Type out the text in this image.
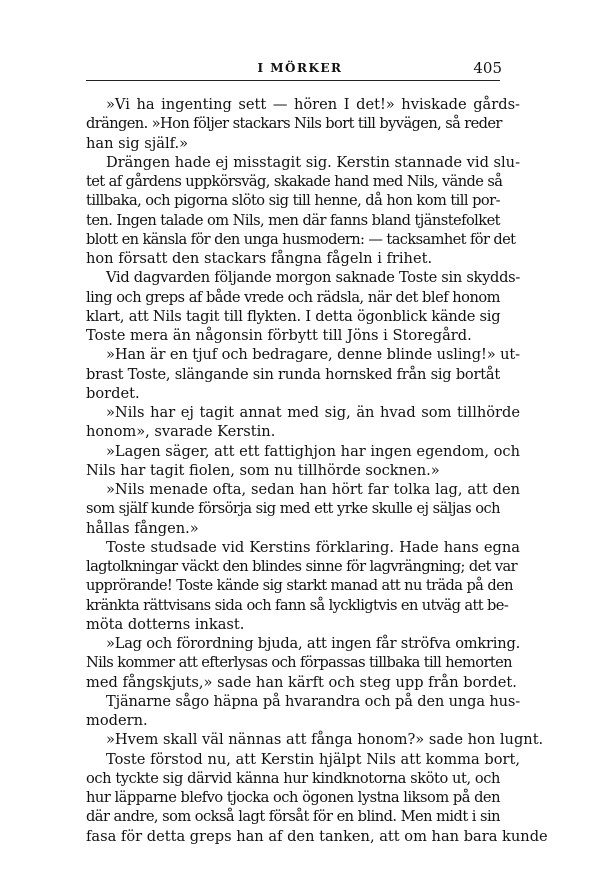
I MÖRKER	405

»Vi ha ingenting sett — hören I det!» hviskade gårds-
drängen. »Hon följer stackars Nils bort till byvägen, så reder
han sig själf.»

Drängen hade ej misstagit sig. Kerstin stannade vid slu-
tet af gårdens uppkörsväg, skakade hand med Nils, vände så
tillbaka, och pigorna slöto sig till henne, då hon kom till por-
ten. Ingen talade om Nils, men där fanns bland tjänstefolket
blott en känsla för den unga husmodern: — tacksamhet för det
hon försatt den stackars fångna fågeln i frihet.

Vid dagvarden följande morgon saknade Toste sin skydds-
ling och greps af både vrede och rädsla, när det blef honom
klart, att Nils tagit till flykten. I detta ögonblick kände sig
Toste mera än någonsin förbytt till Jöns i Storegård.

»Han är en tjuf och bedragare, denne blinde usling!» ut-
brast Toste, slängande sin runda hornsked från sig bortåt
bordet.

»Nils har ej tagit annat med sig, än hvad som tillhörde
honom», svarade Kerstin.

»Lagen säger, att ett fattighjon har ingen egendom, och
Nils har tagit fiolen, som nu tillhörde socknen.»

»Nils menade ofta, sedan han hört far tolka lag, att den
som själf kunde försörja sig med ett yrke skulle ej säljas och
hållas fången.»

Toste studsade vid Kerstins förklaring. Hade hans egna
lagtolkningar väckt den blindes sinne för lagvrängning; det var
upprörande! Toste kände sig starkt manad att nu träda på den
kränkta rättvisans sida och fann så lyckligtvis en utväg att be-
möta dotterns inkast.

»Lag och förordning bjuda, att ingen får ströfva omkring.
Nils kommer att efterlysas och förpassas tillbaka till hemorten
med fångskjuts,» sade han kärft och steg upp från bordet.

Tjänarne sågo häpna på hvarandra och på den unga hus-
modern.

»Hvem skall väl nännas att fånga honom?» sade hon lugnt.

Toste förstod nu, att Kerstin hjälpt Nils att komma bort,
och tyckte sig därvid känna hur kindknotorna sköto ut, och
hur läpparne blefvo tjocka och ögonen lystna liksom på den
där andre, som också lagt försåt för en blind. Men midt i sin
fasa för detta greps han af den tanken, att om han bara kunde
